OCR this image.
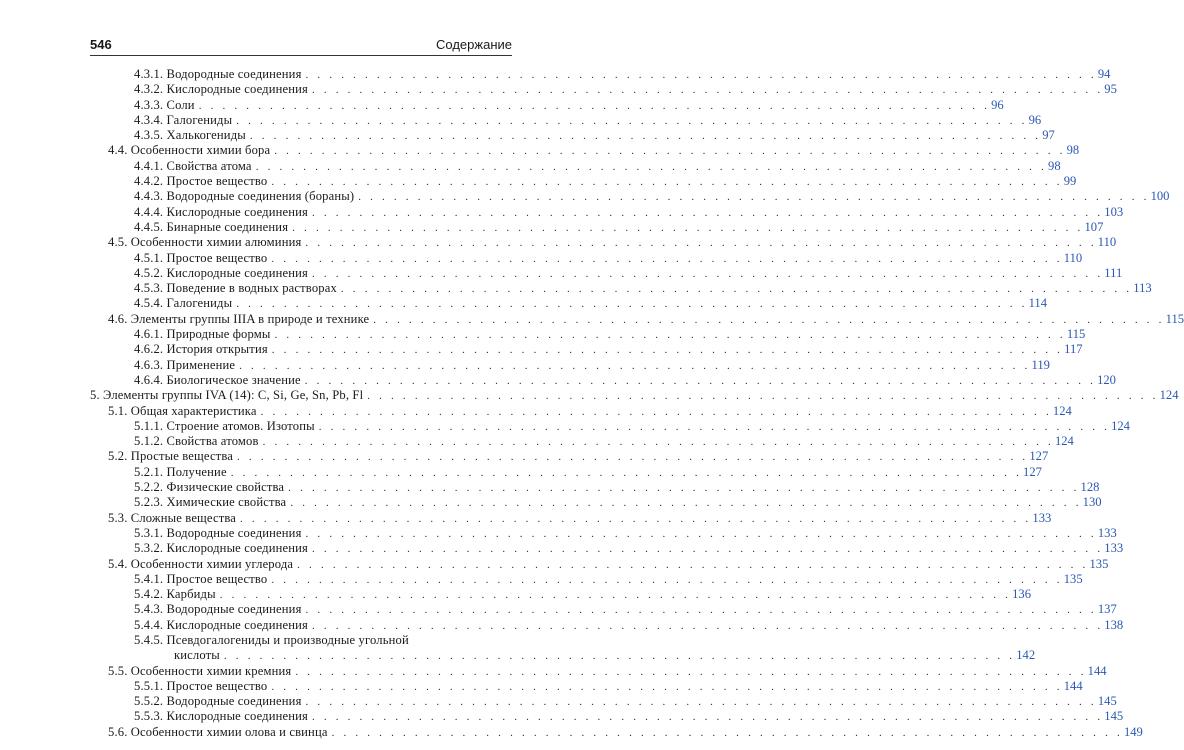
546	Содержание
4.3.1. Водородные соединения . . . . . . . . . . . . . . . . . . . . . . . . . . . . . . . . . . . . . . . . . . . . . . . . . . . . . . . . . . . . . . . . . . . 94
4.3.2. Кислородные соединения . . . . . . . . . . . . . . . . . . . . . . . . . . . . . . . . . . . . . . . . . . . . . . . . . . . . . . . . . . . . . . . . . . . 95
4.3.3. Соли . . . . . . . . . . . . . . . . . . . . . . . . . . . . . . . . . . . . . . . . . . . . . . . . . . . . . . . . . . . . . . . . . . . 96
4.3.4. Галогениды . . . . . . . . . . . . . . . . . . . . . . . . . . . . . . . . . . . . . . . . . . . . . . . . . . . . . . . . . . . . . . . . . . . 96
4.3.5. Халькогениды . . . . . . . . . . . . . . . . . . . . . . . . . . . . . . . . . . . . . . . . . . . . . . . . . . . . . . . . . . . . . . . . . . . 97
4.4. Особенности химии бора . . . . . . . . . . . . . . . . . . . . . . . . . . . . . . . . . . . . . . . . . . . . . . . . . . . . . . . . . . . . . . . . . . . 98
4.4.1. Свойства атома . . . . . . . . . . . . . . . . . . . . . . . . . . . . . . . . . . . . . . . . . . . . . . . . . . . . . . . . . . . . . . . . . . . 98
4.4.2. Простое вещество . . . . . . . . . . . . . . . . . . . . . . . . . . . . . . . . . . . . . . . . . . . . . . . . . . . . . . . . . . . . . . . . . . . 99
4.4.3. Водородные соединения (бораны) . . . . . . . . . . . . . . . . . . . . . . . . . . . . . . . . . . . . . . . . . . . . . . . . . . . . . . . . . . . . . . . . . . . 100
4.4.4. Кислородные соединения . . . . . . . . . . . . . . . . . . . . . . . . . . . . . . . . . . . . . . . . . . . . . . . . . . . . . . . . . . . . . . . . . . . 103
4.4.5. Бинарные соединения . . . . . . . . . . . . . . . . . . . . . . . . . . . . . . . . . . . . . . . . . . . . . . . . . . . . . . . . . . . . . . . . . . . 107
4.5. Особенности химии алюминия . . . . . . . . . . . . . . . . . . . . . . . . . . . . . . . . . . . . . . . . . . . . . . . . . . . . . . . . . . . . . . . . . . . 110
4.5.1. Простое вещество . . . . . . . . . . . . . . . . . . . . . . . . . . . . . . . . . . . . . . . . . . . . . . . . . . . . . . . . . . . . . . . . . . . 110
4.5.2. Кислородные соединения . . . . . . . . . . . . . . . . . . . . . . . . . . . . . . . . . . . . . . . . . . . . . . . . . . . . . . . . . . . . . . . . . . . 111
4.5.3. Поведение в водных растворах . . . . . . . . . . . . . . . . . . . . . . . . . . . . . . . . . . . . . . . . . . . . . . . . . . . . . . . . . . . . . . . . . . . 113
4.5.4. Галогениды . . . . . . . . . . . . . . . . . . . . . . . . . . . . . . . . . . . . . . . . . . . . . . . . . . . . . . . . . . . . . . . . . . . 114
4.6. Элементы группы IIIA в природе и технике . . . . . . . . . . . . . . . . . . . . . . . . . . . . . . . . . . . . . . . . . . . . . . . . . . . . . . . . . . . . . . . . . . . 115
4.6.1. Природные формы . . . . . . . . . . . . . . . . . . . . . . . . . . . . . . . . . . . . . . . . . . . . . . . . . . . . . . . . . . . . . . . . . . . 115
4.6.2. История открытия . . . . . . . . . . . . . . . . . . . . . . . . . . . . . . . . . . . . . . . . . . . . . . . . . . . . . . . . . . . . . . . . . . . 117
4.6.3. Применение . . . . . . . . . . . . . . . . . . . . . . . . . . . . . . . . . . . . . . . . . . . . . . . . . . . . . . . . . . . . . . . . . . . 119
4.6.4. Биологическое значение . . . . . . . . . . . . . . . . . . . . . . . . . . . . . . . . . . . . . . . . . . . . . . . . . . . . . . . . . . . . . . . . . . . 120
5. Элементы группы IVA (14): C, Si, Ge, Sn, Pb, Fl . . . . . . . . . . . . . . . . . . . . . . . . . . . . . . . . . . . . . . . . . . . . . . . . . . . . . . . . . . . . . . . . . . . 124
5.1. Общая характеристика . . . . . . . . . . . . . . . . . . . . . . . . . . . . . . . . . . . . . . . . . . . . . . . . . . . . . . . . . . . . . . . . . . . 124
5.1.1. Строение атомов. Изотопы . . . . . . . . . . . . . . . . . . . . . . . . . . . . . . . . . . . . . . . . . . . . . . . . . . . . . . . . . . . . . . . . . . . 124
5.1.2. Свойства атомов . . . . . . . . . . . . . . . . . . . . . . . . . . . . . . . . . . . . . . . . . . . . . . . . . . . . . . . . . . . . . . . . . . . 124
5.2. Простые вещества . . . . . . . . . . . . . . . . . . . . . . . . . . . . . . . . . . . . . . . . . . . . . . . . . . . . . . . . . . . . . . . . . . . 127
5.2.1. Получение . . . . . . . . . . . . . . . . . . . . . . . . . . . . . . . . . . . . . . . . . . . . . . . . . . . . . . . . . . . . . . . . . . . 127
5.2.2. Физические свойства . . . . . . . . . . . . . . . . . . . . . . . . . . . . . . . . . . . . . . . . . . . . . . . . . . . . . . . . . . . . . . . . . . . 128
5.2.3. Химические свойства . . . . . . . . . . . . . . . . . . . . . . . . . . . . . . . . . . . . . . . . . . . . . . . . . . . . . . . . . . . . . . . . . . . 130
5.3. Сложные вещества . . . . . . . . . . . . . . . . . . . . . . . . . . . . . . . . . . . . . . . . . . . . . . . . . . . . . . . . . . . . . . . . . . . 133
5.3.1. Водородные соединения . . . . . . . . . . . . . . . . . . . . . . . . . . . . . . . . . . . . . . . . . . . . . . . . . . . . . . . . . . . . . . . . . . . 133
5.3.2. Кислородные соединения . . . . . . . . . . . . . . . . . . . . . . . . . . . . . . . . . . . . . . . . . . . . . . . . . . . . . . . . . . . . . . . . . . . 133
5.4. Особенности химии углерода . . . . . . . . . . . . . . . . . . . . . . . . . . . . . . . . . . . . . . . . . . . . . . . . . . . . . . . . . . . . . . . . . . . 135
5.4.1. Простое вещество . . . . . . . . . . . . . . . . . . . . . . . . . . . . . . . . . . . . . . . . . . . . . . . . . . . . . . . . . . . . . . . . . . . 135
5.4.2. Карбиды . . . . . . . . . . . . . . . . . . . . . . . . . . . . . . . . . . . . . . . . . . . . . . . . . . . . . . . . . . . . . . . . . . . 136
5.4.3. Водородные соединения . . . . . . . . . . . . . . . . . . . . . . . . . . . . . . . . . . . . . . . . . . . . . . . . . . . . . . . . . . . . . . . . . . . 137
5.4.4. Кислородные соединения . . . . . . . . . . . . . . . . . . . . . . . . . . . . . . . . . . . . . . . . . . . . . . . . . . . . . . . . . . . . . . . . . . . 138
5.4.5. Псевдогалогениды и производные угольной
кислоты . . . . . . . . . . . . . . . . . . . . . . . . . . . . . . . . . . . . . . . . . . . . . . . . . . . . . . . . . . . . . . . . . . . 142
5.5. Особенности химии кремния . . . . . . . . . . . . . . . . . . . . . . . . . . . . . . . . . . . . . . . . . . . . . . . . . . . . . . . . . . . . . . . . . . . 144
5.5.1. Простое вещество . . . . . . . . . . . . . . . . . . . . . . . . . . . . . . . . . . . . . . . . . . . . . . . . . . . . . . . . . . . . . . . . . . . 144
5.5.2. Водородные соединения . . . . . . . . . . . . . . . . . . . . . . . . . . . . . . . . . . . . . . . . . . . . . . . . . . . . . . . . . . . . . . . . . . . 145
5.5.3. Кислородные соединения . . . . . . . . . . . . . . . . . . . . . . . . . . . . . . . . . . . . . . . . . . . . . . . . . . . . . . . . . . . . . . . . . . . 145
5.6. Особенности химии олова и свинца . . . . . . . . . . . . . . . . . . . . . . . . . . . . . . . . . . . . . . . . . . . . . . . . . . . . . . . . . . . . . . . . . . . 149
